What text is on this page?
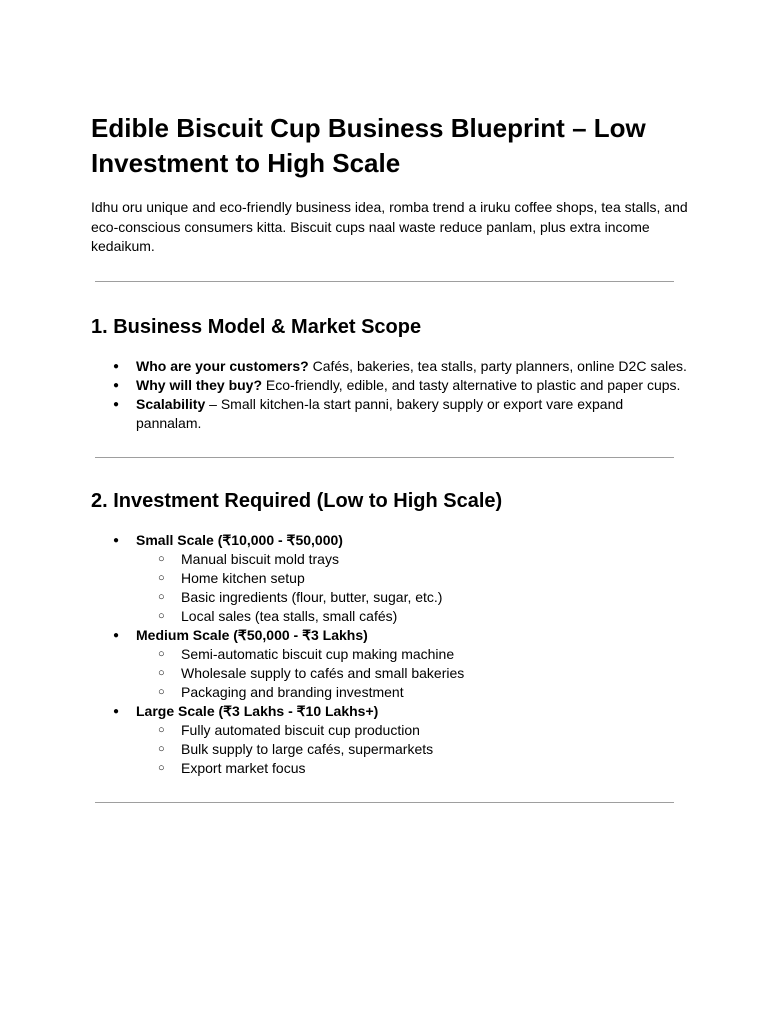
Edible Biscuit Cup Business Blueprint – Low Investment to High Scale

Idhu oru unique and eco-friendly business idea, romba trend a iruku coffee shops, tea stalls, and eco-conscious consumers kitta. Biscuit cups naal waste reduce panlam, plus extra income kedaikum.

1. Business Model & Market Scope
● Who are your customers? Cafés, bakeries, tea stalls, party planners, online D2C sales.
● Why will they buy? Eco-friendly, edible, and tasty alternative to plastic and paper cups.
● Scalability – Small kitchen-la start panni, bakery supply or export vare expand pannalam.
2. Investment Required (Low to High Scale)
● Small Scale (₹10,000 - ₹50,000)
○ Manual biscuit mold trays
○ Home kitchen setup
○ Basic ingredients (flour, butter, sugar, etc.)
○ Local sales (tea stalls, small cafés)
● Medium Scale (₹50,000 - ₹3 Lakhs)
○ Semi-automatic biscuit cup making machine
○ Wholesale supply to cafés and small bakeries
○ Packaging and branding investment
● Large Scale (₹3 Lakhs - ₹10 Lakhs+)
○ Fully automated biscuit cup production
○ Bulk supply to large cafés, supermarkets
○ Export market focus
